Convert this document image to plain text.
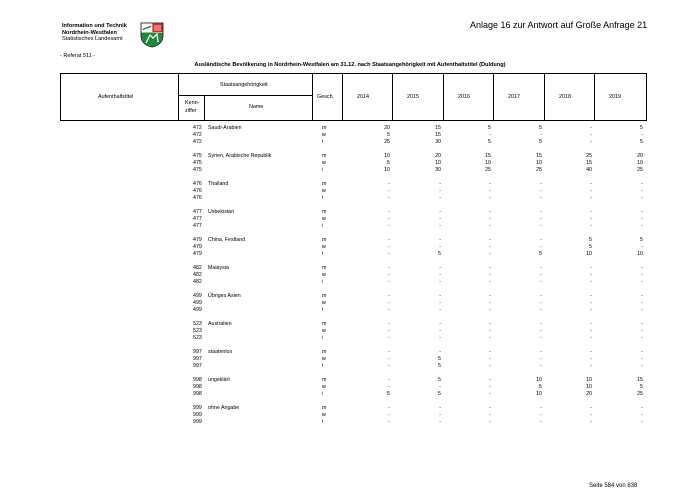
Information und Technik
Nordrhein-Westfalen
Statistisches Landesamt
Anlage 16 zur Antwort auf Große Anfrage 21
- Referat 511 -
Ausländische Bevölkerung in Nordrhein-Westfalen am 31.12. nach Staatsangehörigkeit mit Aufenthaltstitel (Duldung)
Aufenthaltstitel
Staatsangehörigkeit
Kenn-
ziffer
Name
Gesch.	2014	2015	2016	2017	2018	2019
472 Saudi-Arabien	m	20	15	5	5	-	5
472	w	5	15	-	-	-	-
472	i	25	30	5	5	-	5
475 Syrien, Arabische Republik	m	10	20	15	15	25	20
475	w	5	10	10	10	15	10
475	i	10	30	25	25	40	25
476 Thailand	m	-	-	-	-	-	-
476	w	-	-	-	-	-	-
476	i	-	-	-	-	-	-
477 Usbekistan	m	-	-	-	-	-	-
477	w	-	-	-	-	-	-
477	i	-	-	-	-	-	-
479 China, Festland	m	-	-	-	-	5	5
479	w	-	-	-	-	5	-
479	i	-	5	-	5	10	10
482 Malaysia	m	-	-	-	-	-	-
482	w	-	-	-	-	-	-
482	i	-	-	-	-	-	-
499 Übriges Asien	m	-	-	-	-	-	-
499	w	-	-	-	-	-	-
499	i	-	-	-	-	-	-
523 Australien	m	-	-	-	-	-	-
523	w	-	-	-	-	-	-
523	i	-	-	-	-	-	-
997 staatenlos	m	-	-	-	-	-	-
997	w	-	5	-	-	-	-
997	i	-	5	-	-	-	-
998 ungeklärt	m	-	5	-	10	10	15
998	w	-	-	-	5	10	5
998	i	5	5	-	10	20	25
999 ohne Angabe	m	-	-	-	-	-	-
999	w	-	-	-	-	-	-
999	i	-	-	-	-	-	-
Seite 584 von 838
